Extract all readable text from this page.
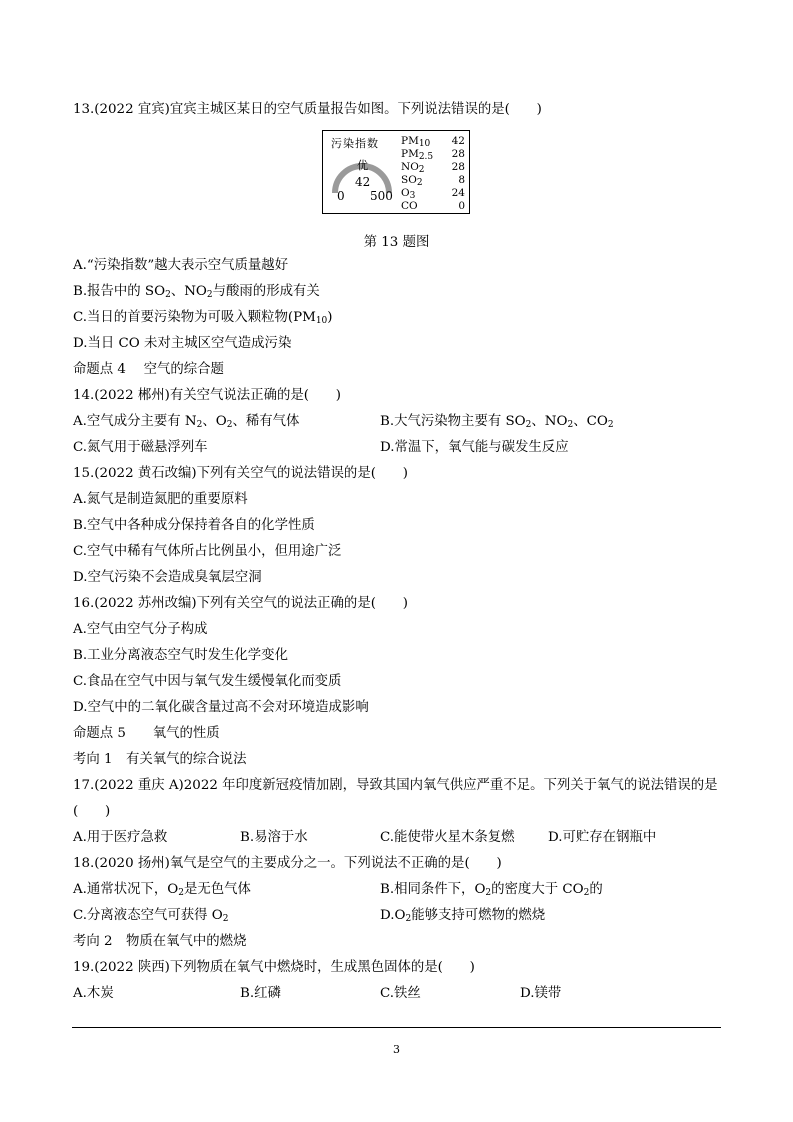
13.(2022 宜宾)宜宾主城区某日的空气质量报告如图。下列说法错误的是(　　)
污染指数
优
42
0 500
$PM_{10}$	42
$PM_{2.5}$	28
$NO_2$	28
$SO_2$	8
$O_3$	24
CO	0
第 13 题图
A.“污染指数”越大表示空气质量越好
B.报告中的 $SO_2$、$NO_2$与酸雨的形成有关
C.当日的首要污染物为可吸入颗粒物$(PM_{10})$
D.当日 CO 未对主城区空气造成污染
命题点 4　 空气的综合题
14.(2022 郴州)有关空气说法正确的是(　　)
A.空气成分主要有 $N_2$、$O_2$、稀有气体	B.大气污染物主要有 $SO_2$、$NO_2$、$CO_2$
C.氮气用于磁悬浮列车	D.常温下，氧气能与碳发生反应
15.(2022 黄石改编)下列有关空气的说法错误的是(　　)
A.氮气是制造氮肥的重要原料
B.空气中各种成分保持着各自的化学性质
C.空气中稀有气体所占比例虽小，但用途广泛
D.空气污染不会造成臭氧层空洞
16.(2022 苏州改编)下列有关空气的说法正确的是(　　)
A.空气由空气分子构成
B.工业分离液态空气时发生化学变化
C.食品在空气中因与氧气发生缓慢氧化而变质
D.空气中的二氧化碳含量过高不会对环境造成影响
命题点 5　　氧气的性质
考向 1　有关氧气的综合说法
17.(2022 重庆 A)2022 年印度新冠疫情加剧，导致其国内氧气供应严重不足。下列关于氧气的说法错误的是
(　　)
A.用于医疗急救	B.易溶于水	C.能使带火星木条复燃 D.可贮存在钢瓶中
18.(2020 扬州)氧气是空气的主要成分之一。下列说法不正确的是(　　)
A.通常状况下，$O_2$是无色气体	B.相同条件下，$O_2$的密度大于 $CO_2$的
C.分离液态空气可获得 $O_2$	$D.O_2$能够支持可燃物的燃烧
考向 2　物质在氧气中的燃烧
19.(2022 陕西)下列物质在氧气中燃烧时，生成黑色固体的是(　　)
A.木炭	B.红磷	C.铁丝	D.镁带
3
